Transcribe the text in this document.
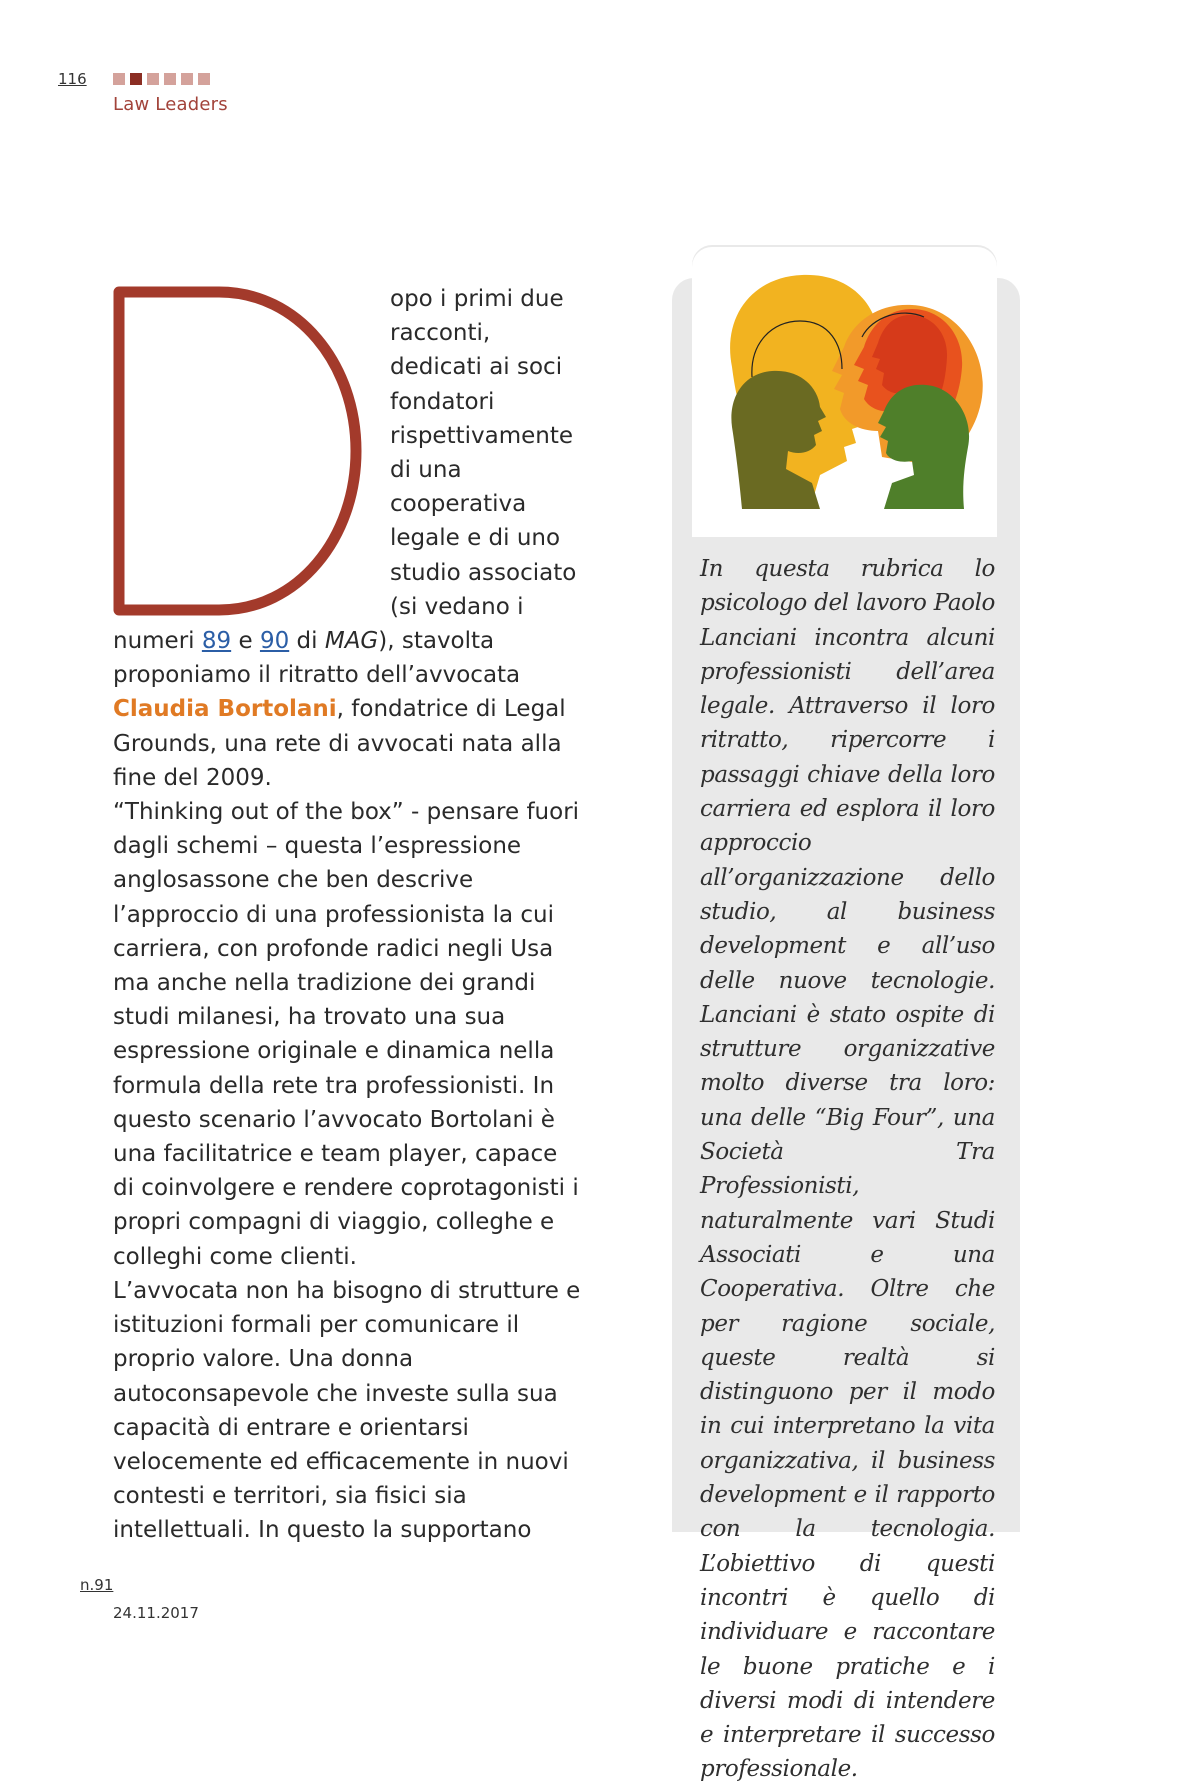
116
Law Leaders

opo i primi due racconti, dedicati ai soci fondatori rispettivamente di una cooperativa legale e di uno studio associato (si vedano i numeri 89 e 90 di MAG), stavolta proponiamo il ritratto dell’avvocata Claudia Bortolani, fondatrice di Legal Grounds, una rete di avvocati nata alla fine del 2009.

“Thinking out of the box” - pensare fuori dagli schemi – questa l’espressione anglosassone che ben descrive l’approccio di una professionista la cui carriera, con profonde radici negli Usa ma anche nella tradizione dei grandi studi milanesi, ha trovato una sua espressione originale e dinamica nella formula della rete tra professionisti. In questo scenario l’avvocato Bortolani è una facilitatrice e team player, capace di coinvolgere e rendere coprotagonisti i propri compagni di viaggio, colleghe e colleghi come clienti.

L’avvocata non ha bisogno di strutture e istituzioni formali per comunicare il proprio valore. Una donna autoconsapevole che investe sulla sua capacità di entrare e orientarsi velocemente ed efficacemente in nuovi contesti e territori, sia fisici sia intellettuali. In questo la supportano

In questa rubrica lo psicologo del lavoro Paolo Lanciani incontra alcuni professionisti dell’area legale. Attraverso il loro ritratto, ripercorre i passaggi chiave della loro carriera ed esplora il loro approccio all’organizzazione dello studio, al business development e all’uso delle nuove tecnologie. Lanciani è stato ospite di strutture organizzative molto diverse tra loro: una delle “Big Four”, una Società Tra Professionisti, naturalmente vari Studi Associati e una Cooperativa. Oltre che per ragione sociale, queste realtà si distinguono per il modo in cui interpretano la vita organizzativa, il business development e il rapporto con la tecnologia. L’obiettivo di questi incontri è quello di individuare e raccontare le buone pratiche e i diversi modi di intendere e interpretare il successo professionale.

n.91
24.11.2017
